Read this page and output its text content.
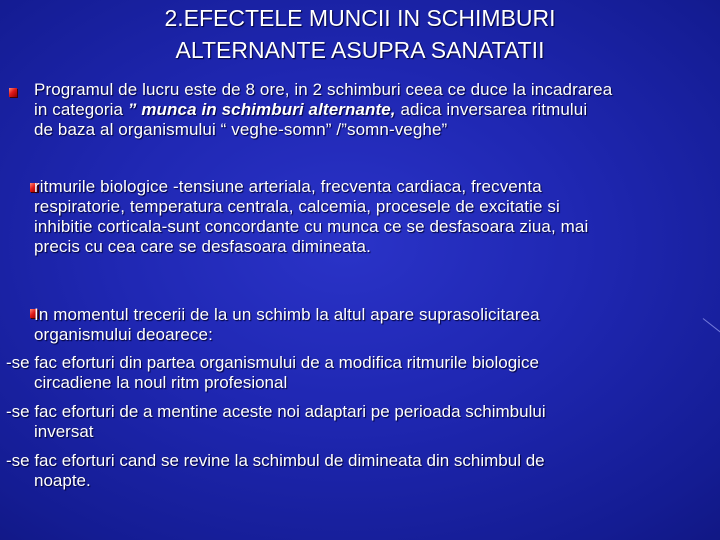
2.EFECTELE MUNCII IN SCHIMBURI
ALTERNANTE ASUPRA SANATATII
Programul de lucru este de 8 ore, in 2 schimburi ceea ce duce la incadrarea
in categoria ” munca in schimburi alternante, adica inversarea ritmului
de baza al organismului “ veghe-somn” /”somn-veghe”
ritmurile biologice -tensiune arteriala, frecventa cardiaca, frecventa
respiratorie, temperatura centrala, calcemia, procesele de excitatie si
inhibitie corticala-sunt concordante cu munca ce se desfasoara ziua, mai
precis cu cea care se desfasoara dimineata.
In momentul trecerii de la un schimb la altul apare suprasolicitarea
organismului deoarece:
-se fac eforturi din partea organismului de a modifica ritmurile biologice
circadiene la noul ritm profesional
-se fac eforturi de a mentine aceste noi adaptari pe perioada schimbului
inversat
-se fac eforturi cand se revine la schimbul de dimineata din schimbul de
noapte.
